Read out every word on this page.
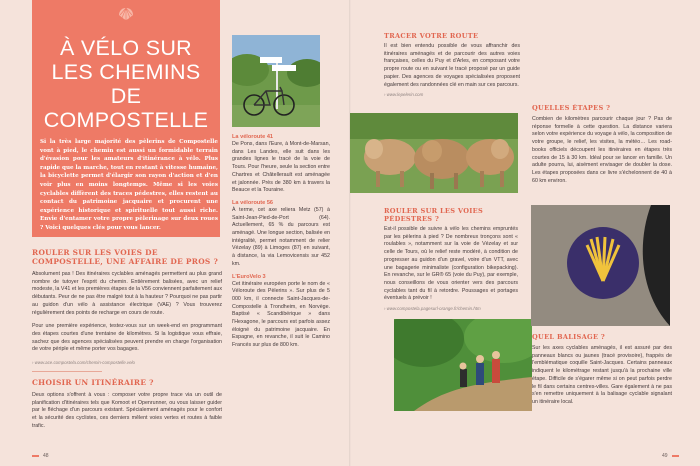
À VÉLO SUR
LES CHEMINS DE
COMPOSTELLE

Si la très large majorité des pèlerins de Compostelle vont à pied, le chemin est aussi un formidable terrain d'évasion pour les amateurs d'itinérance à vélo. Plus rapide que la marche, tout en restant à vitesse humaine, la bicyclette permet d'élargir son rayon d'action et d'en voir plus en moins longtemps. Même si les voies cyclables diffèrent des traces pédestres, elles restent au contact du patrimoine jacquaire et procurent une expérience historique et spirituelle tout aussi riche. Envie d'entamer votre propre pèlerinage sur deux roues ? Voici quelques clés pour vous lancer.

ROULER SUR LES VOIES DE COMPOSTELLE, UNE AFFAIRE DE PROS ?

Absolument pas ! Des itinéraires cyclables aménagés permettent au plus grand nombre de tutoyer l'esprit du chemin. Entièrement balisées, avec un relief modeste, la V41 et les premières étapes de la V56 conviennent parfaitement aux débutants. Peur de ne pas être malgré tout à la hauteur ? Pourquoi ne pas partir au guidon d'un vélo à assistance électrique (VAE) ? Vous trouverez régulièrement des points de recharge en cours de route.

Pour une première expérience, testez-vous sur un week-end en programmant des étapes courtes d'une trentaine de kilomètres. Si la logistique vous effraie, sachez que des agences spécialisées peuvent prendre en charge l'organisation de votre périple et même porter vos bagages.

› www.ace.compostela.com/chemin-compostelle.velo
CHOISIR UN ITINÉRAIRE ?

Deux options s'offrent à vous : composer votre propre trace via un outil de planification d'itinéraires tels que Komoot et Openrunner, ou vous laisser guider par le fléchage d'un parcours existant. Spécialement aménagés pour le confort et la sécurité des cyclistes, ces derniers mêlent voies vertes et routes à faible trafic.

La véloroute 41

De Pons, dans l'Eure, à Mont-de-Marsan, dans Les Landes, elle suit dans les grandes lignes le tracé de la voie de Tours. Pour l'heure, seule la section entre Chartres et Châtellerault est aménagée et jalonnée. Près de 380 km à travers la Beauce et la Touraine.

La véloroute 56

À terme, cet axe reliera Metz (57) à Saint-Jean-Pied-de-Port (64). Actuellement, 65 % du parcours est aménagé. Une longue section, balisée en intégralité, permet notamment de relier Vézelay (89) à Limoges (87) en suivant, à distance, la via Lemovicensis sur 452 km.

L'EuroVelo 3

Cet itinéraire européen porte le nom de « Véloroute des Pèlerins ». Sur plus de 5 000 km, il connecte Saint-Jacques-de-Compostelle à Trondheim, en Norvège. Baptisé « Scandibérique » dans l'Hexagone, le parcours est parfois assez éloigné du patrimoine jacquaire. En Espagne, en revanche, il suit le Camino Francés sur plus de 800 km.

48
TRACER VOTRE ROUTE

Il est bien entendu possible de vous affranchir des itinéraires aménagés et de parcourir des autres voies françaises, celles du Puy et d'Arles, en composant votre propre route ou en suivant le tracé proposé par un guide papier. Des agences de voyages spécialisées proposent également des randonnées clé en main sur ces parcours.

› www.lepelerin.com
ROULER SUR LES VOIES PÉDESTRES ?

Est-il possible de suivre à vélo les chemins empruntés par les pèlerins à pied ? De nombreux tronçons sont « roulables », notamment sur la voie de Vézelay et sur celle de Tours, où le relief reste modéré, à condition de progresser au guidon d'un gravel, voire d'un VTT, avec une bagagerie minimaliste (configuration bikepacking). En revanche, sur le GR® 65 (voie du Puy), par exemple, nous conseillons de vous orienter vers des parcours cyclables tant du fil à retordre. Poussages et portages éventuels à prévoir !

› www.compostela.pagesurl-orange.fr/chemin.htm
QUELLES ÉTAPES ?

Combien de kilomètres parcourir chaque jour ? Pas de réponse formelle à cette question. La distance variera selon votre expérience du voyage à vélo, la composition de votre groupe, le relief, les visites, la météo… Les road-books officiels découpent les itinéraires en étapes très courtes de 15 à 30 km. Idéal pour se lancer en famille. Un adulte pourra, lui, aisément envisager de doubler la dose. Les étapes proposées dans ce livre s'échelonnent de 40 à 60 km environ.

QUEL BALISAGE ?

Sur les axes cyclables aménagés, il est assuré par des panneaux blancs ou jaunes (tracé provisoire), frappés de l'emblématique coquille Saint-Jacques. Certains panneaux indiquent le kilométrage restant jusqu'à la prochaine ville étape. Difficile de s'égarer même si on peut parfois perdre le fil dans certains centres-villes. Gare également à ne pas s'en remettre uniquement à la balisage cyclable signalant un itinéraire local.

49
